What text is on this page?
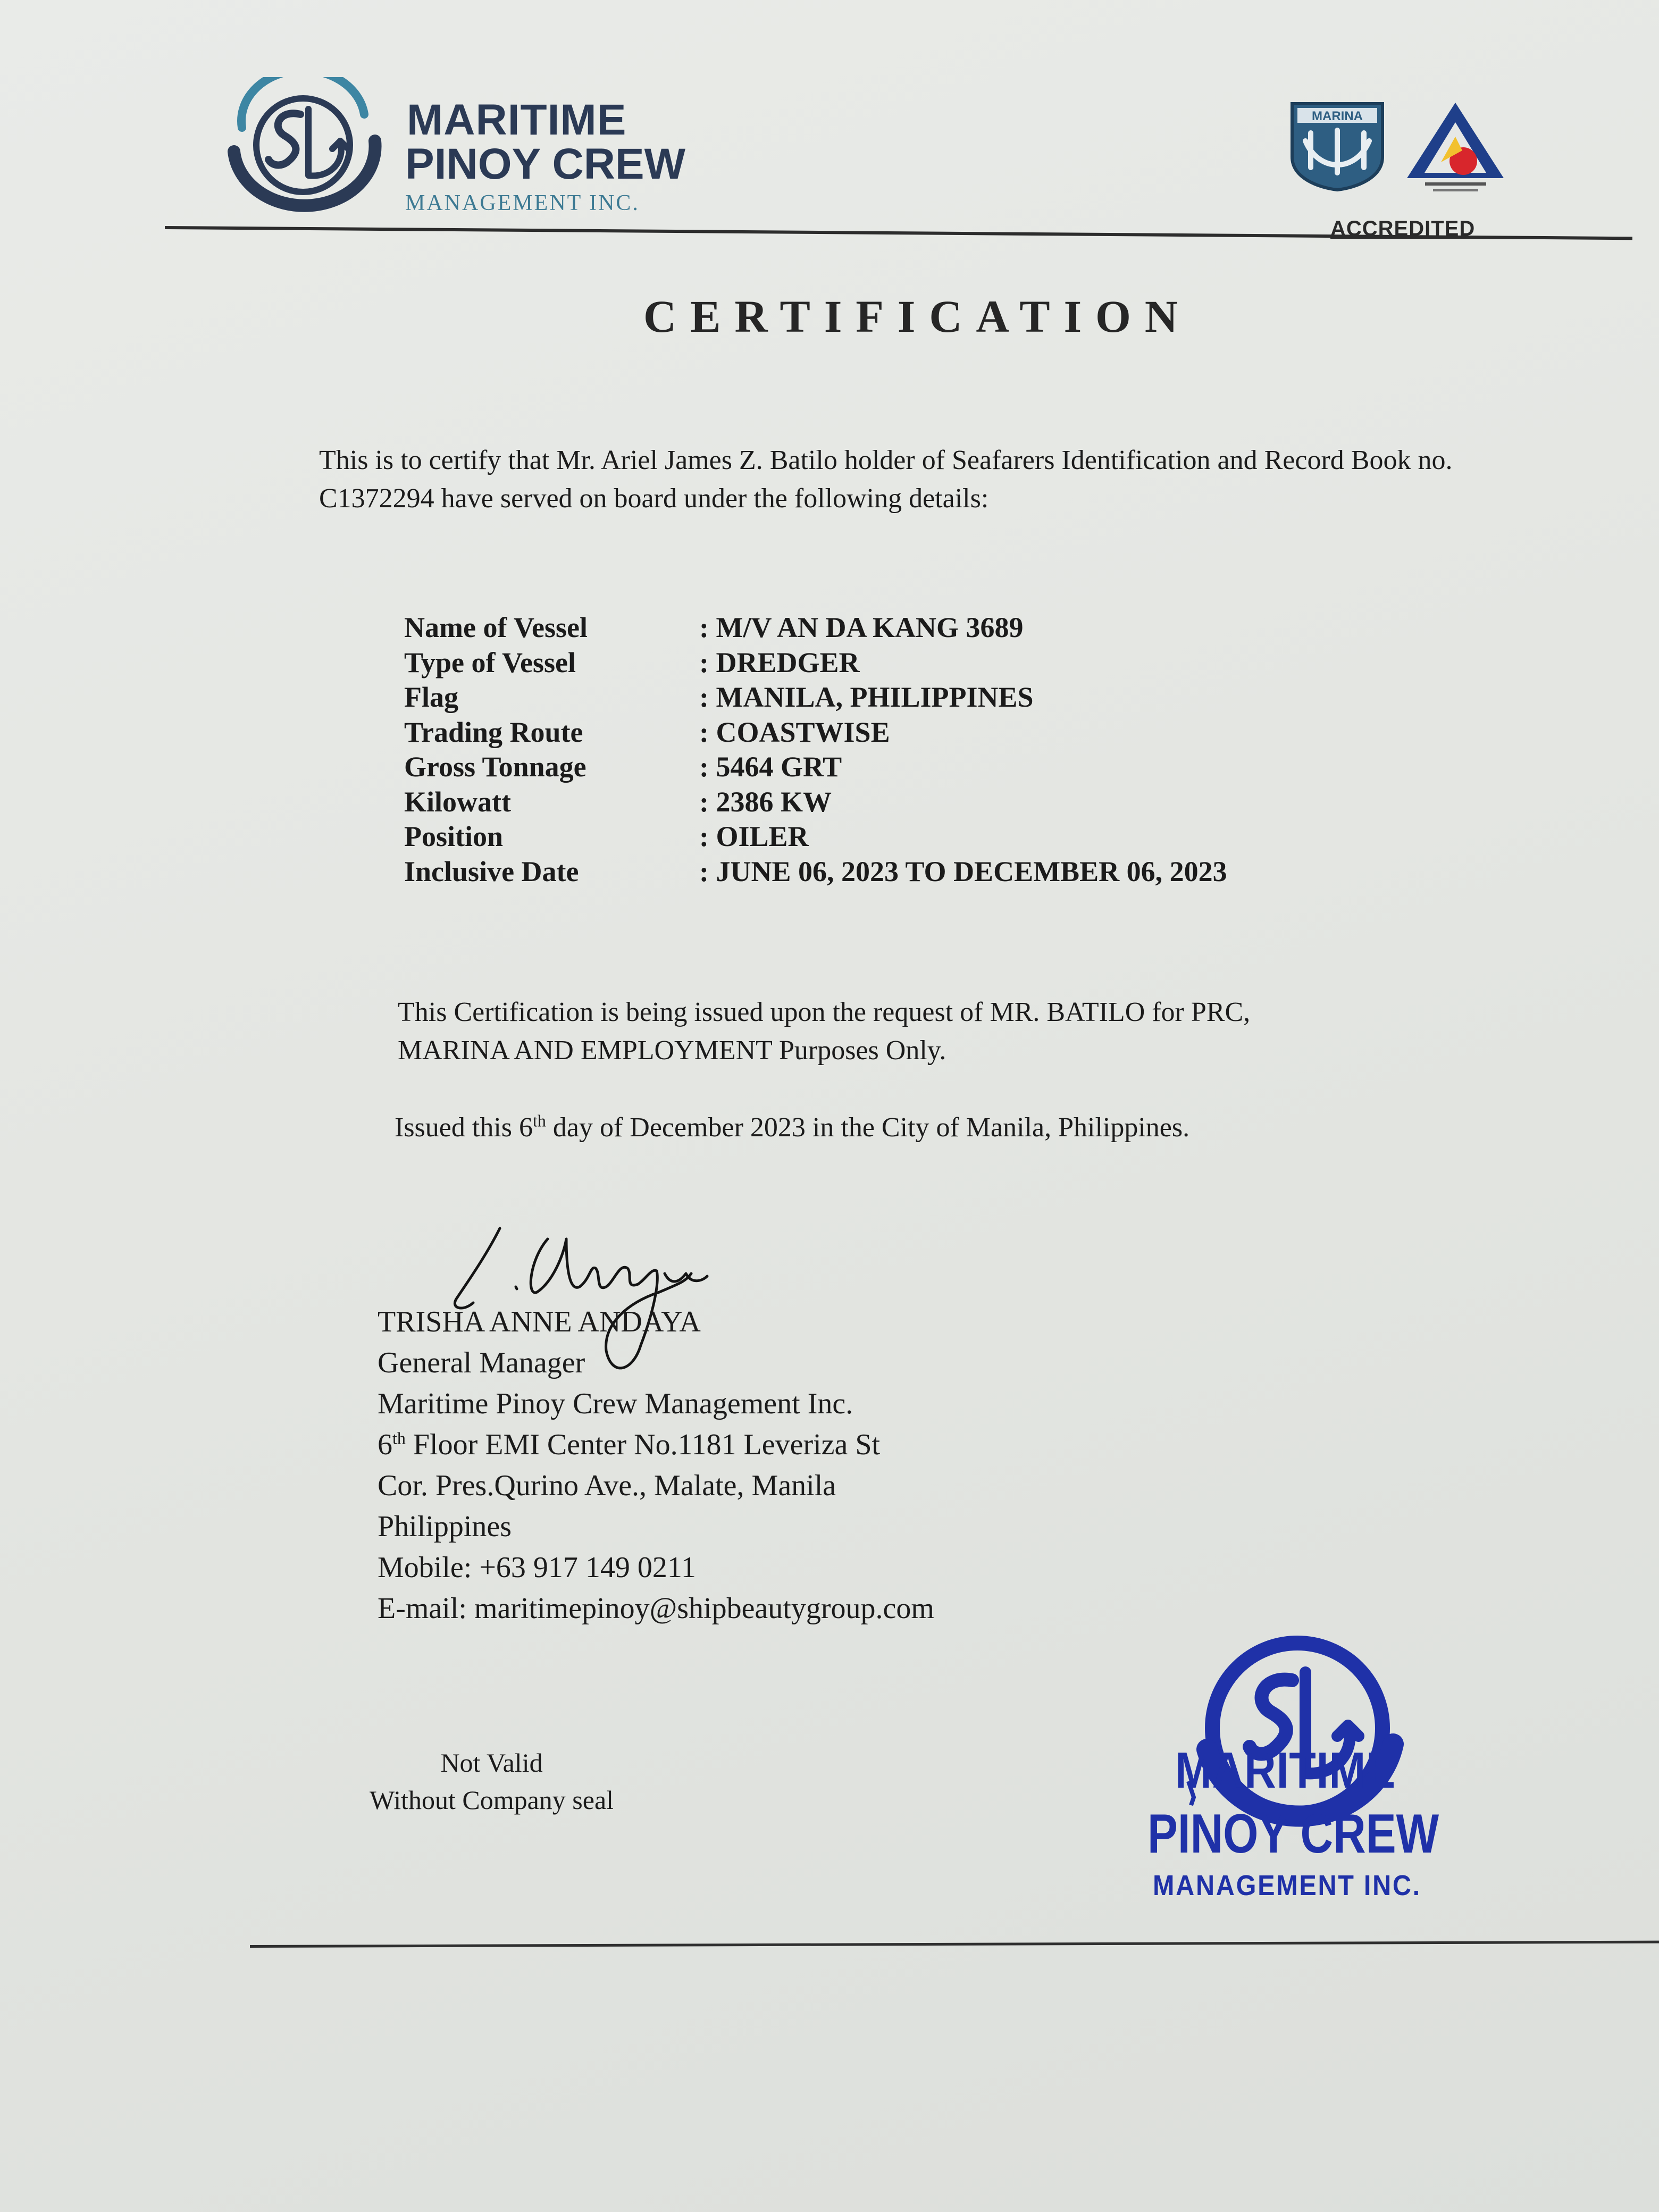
MARITIME
PINOY CREW
MANAGEMENT INC.
MARINA
ACCREDITED
CERTIFICATION
This is to certify that Mr. Ariel James Z. Batilo holder of Seafarers Identification and Record Book no. C1372294 have served on board under the following details:
Name of Vessel	: M/V AN DA KANG 3689
Type of Vessel	: DREDGER
Flag	: MANILA, PHILIPPINES
Trading Route	: COASTWISE
Gross Tonnage	: 5464 GRT
Kilowatt	: 2386 KW
Position	: OILER
Inclusive Date	: JUNE 06, 2023 TO DECEMBER 06, 2023
This Certification is being issued upon the request of MR. BATILO for PRC,
MARINA AND EMPLOYMENT Purposes Only.
Issued this 6th day of December 2023 in the City of Manila, Philippines.
TRISHA ANNE ANDAYA
General Manager
Maritime Pinoy Crew Management Inc.
6th Floor EMI Center No.1181 Leveriza St
Cor. Pres.Qurino Ave., Malate, Manila
Philippines
Mobile: +63 917 149 0211
E-mail: maritimepinoy@shipbeautygroup.com
Not Valid
Without Company seal
MARITIME
PINOY CREW
MANAGEMENT INC.
